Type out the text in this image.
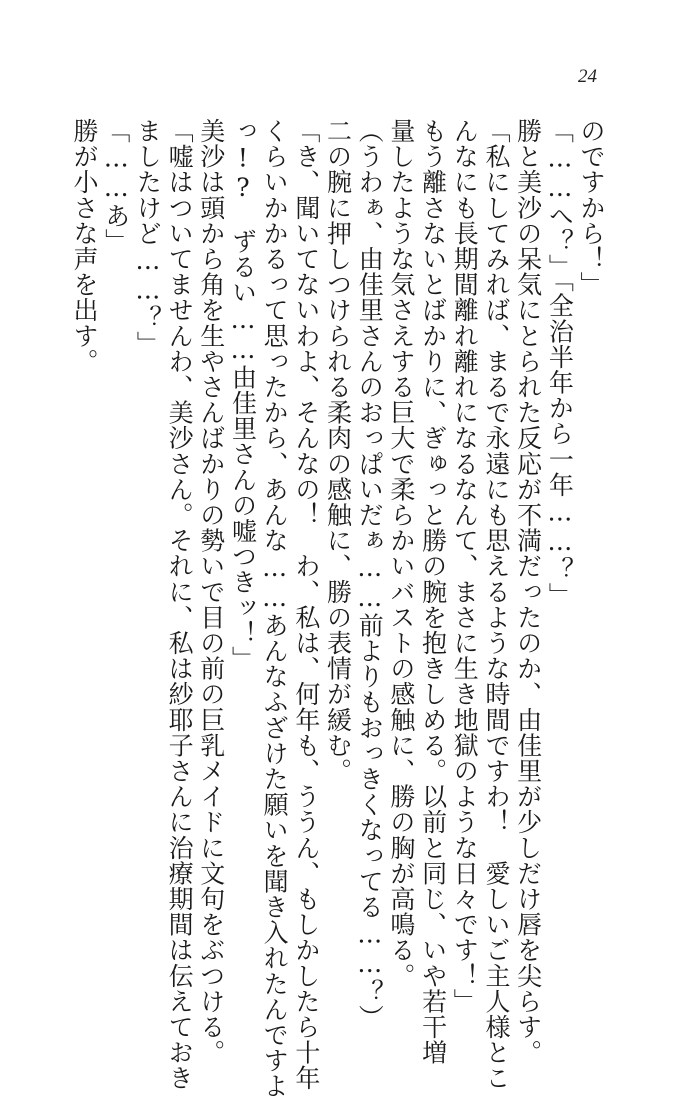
24
のですから！」
「……へ？」「全治半年から一年……？」
勝と美沙の呆気にとられた反応が不満だったのか、由佳里が少しだけ唇を尖らす。
「私にしてみれば、まるで永遠にも思えるような時間ですわ！　愛しいご主人様とこ
んなにも長期間離れ離れになるなんて、まさに生き地獄のような日々です！」
もう離さないとばかりに、ぎゅっと勝の腕を抱きしめる。以前と同じ、いや若干増
量したような気さえする巨大で柔らかいバストの感触に、勝の胸が高鳴る。
（うわぁ、由佳里さんのおっぱいだぁ……前よりもおっきくなってる……？）
二の腕に押しつけられる柔肉の感触に、勝の表情が緩む。
「き、聞いてないわよ、そんなの！　わ、私は、何年も、ううん、もしかしたら十年
くらいかかるって思ったから、あんな……あんなふざけた願いを聞き入れたんですよ
っ!?　ずるい……由佳里さんの嘘つきッ！」
美沙は頭から角を生やさんばかりの勢いで目の前の巨乳メイドに文句をぶつける。
「嘘はついてませんわ、美沙さん。それに、私は紗耶子さんに治療期間は伝えておき
ましたけど……？」
「……あ」
勝が小さな声を出す。
